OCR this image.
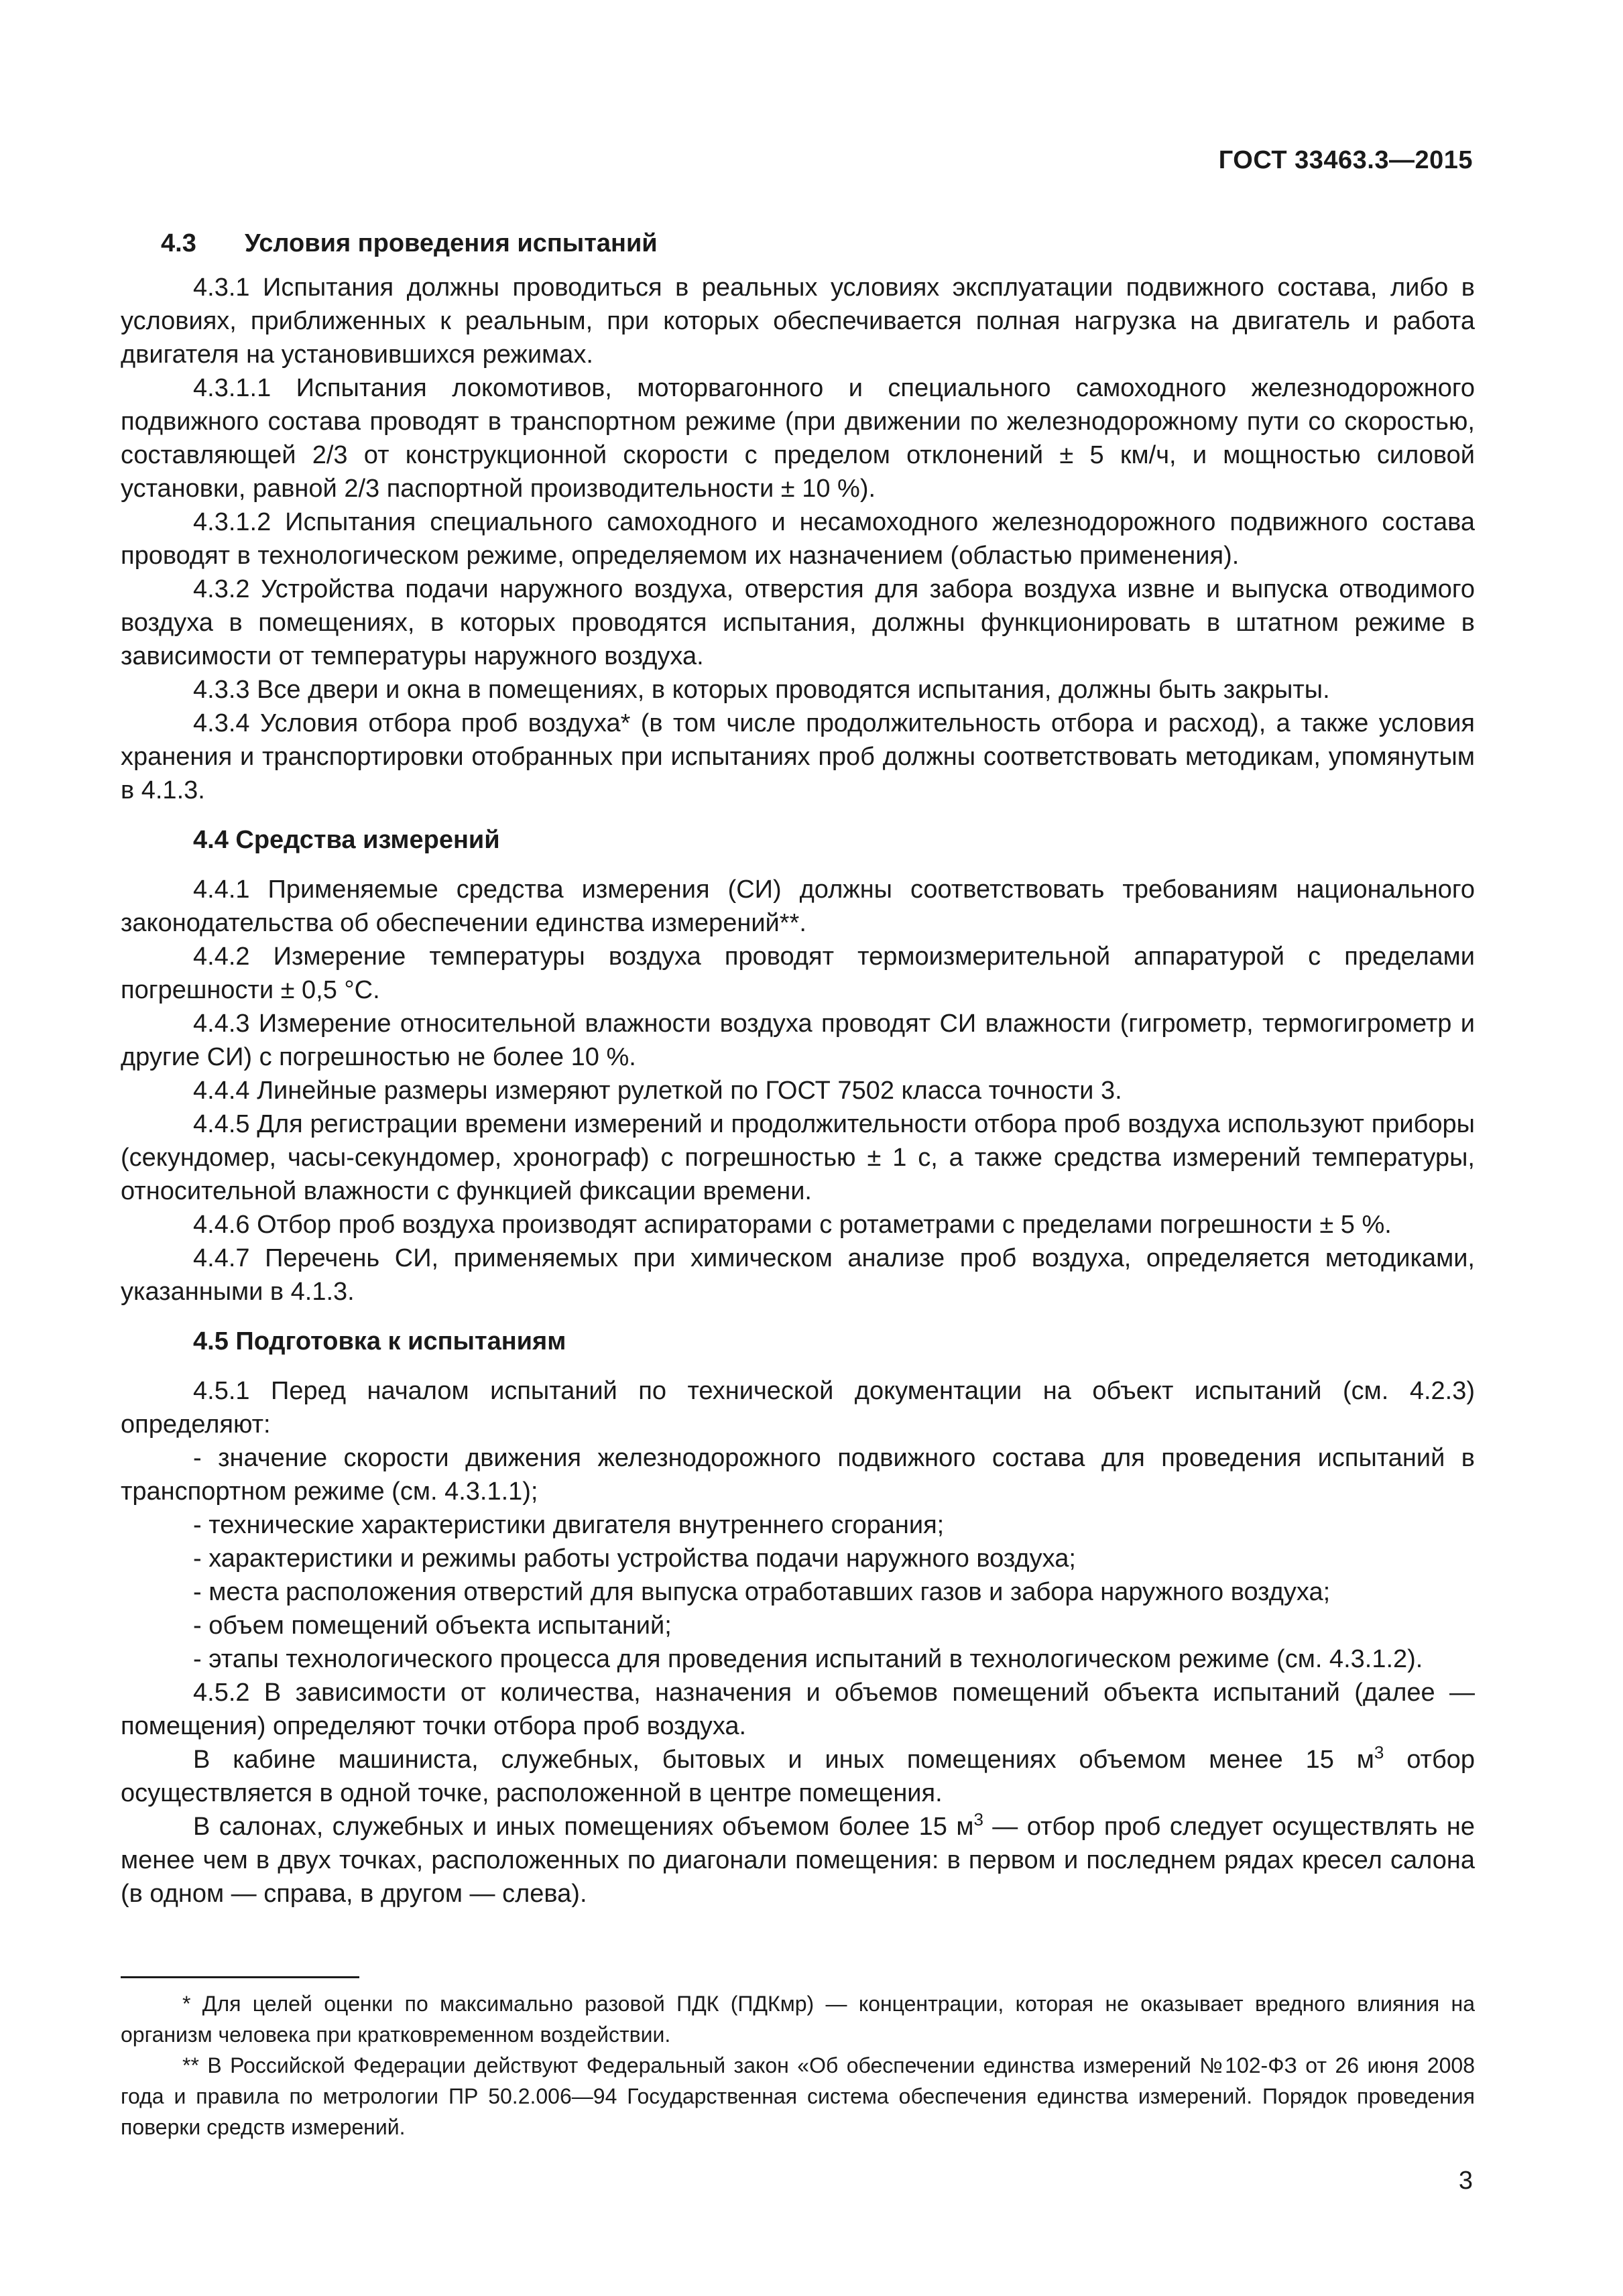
ГОСТ 33463.3—2015
4.3 Условия проведения испытаний

4.3.1 Испытания должны проводиться в реальных условиях эксплуатации подвижного состава, либо в условиях, приближенных к реальным, при которых обеспечивается полная нагрузка на двигатель и работа двигателя на установившихся режимах.

4.3.1.1 Испытания локомотивов, моторвагонного и специального самоходного железнодорожного подвижного состава проводят в транспортном режиме (при движении по железнодорожному пути со скоростью, составляющей 2/3 от конструкционной скорости с пределом отклонений ± 5 км/ч, и мощностью силовой установки, равной 2/3 паспортной производительности ± 10 %).

4.3.1.2 Испытания специального самоходного и несамоходного железнодорожного подвижного состава проводят в технологическом режиме, определяемом их назначением (областью применения).

4.3.2 Устройства подачи наружного воздуха, отверстия для забора воздуха извне и выпуска отводимого воздуха в помещениях, в которых проводятся испытания, должны функционировать в штатном режиме в зависимости от температуры наружного воздуха.

4.3.3 Все двери и окна в помещениях, в которых проводятся испытания, должны быть закрыты.

4.3.4 Условия отбора проб воздуха* (в том числе продолжительность отбора и расход), а также условия хранения и транспортировки отобранных при испытаниях проб должны соответствовать методикам, упомянутым в 4.1.3.

4.4 Средства измерений

4.4.1 Применяемые средства измерения (СИ) должны соответствовать требованиям национального законодательства об обеспечении единства измерений**.

4.4.2 Измерение температуры воздуха проводят термоизмерительной аппаратурой с пределами погрешности ± 0,5 °С.

4.4.3 Измерение относительной влажности воздуха проводят СИ влажности (гигрометр, термогигрометр и другие СИ) с погрешностью не более 10 %.

4.4.4 Линейные размеры измеряют рулеткой по ГОСТ 7502 класса точности 3.

4.4.5 Для регистрации времени измерений и продолжительности отбора проб воздуха используют приборы (секундомер, часы-секундомер, хронограф) с погрешностью ± 1 с, а также средства измерений температуры, относительной влажности с функцией фиксации времени.

4.4.6 Отбор проб воздуха производят аспираторами с ротаметрами с пределами погрешности ± 5 %.

4.4.7 Перечень СИ, применяемых при химическом анализе проб воздуха, определяется методиками, указанными в 4.1.3.

4.5 Подготовка к испытаниям

4.5.1 Перед началом испытаний по технической документации на объект испытаний (см. 4.2.3) определяют:

- значение скорости движения железнодорожного подвижного состава для проведения испытаний в транспортном режиме (см. 4.3.1.1);

- технические характеристики двигателя внутреннего сгорания;

- характеристики и режимы работы устройства подачи наружного воздуха;

- места расположения отверстий для выпуска отработавших газов и забора наружного воздуха;

- объем помещений объекта испытаний;

- этапы технологического процесса для проведения испытаний в технологическом режиме (см. 4.3.1.2).

4.5.2 В зависимости от количества, назначения и объемов помещений объекта испытаний (далее — помещения) определяют точки отбора проб воздуха.

В кабине машиниста, служебных, бытовых и иных помещениях объемом менее 15 $м^3$ отбор осуществляется в одной точке, расположенной в центре помещения.

В салонах, служебных и иных помещениях объемом более 15 $м^3$ — отбор проб следует осуществлять не менее чем в двух точках, расположенных по диагонали помещения: в первом и последнем рядах кресел салона (в одном — справа, в другом — слева).

* Для целей оценки по максимально разовой ПДК (ПДКмр) — концентрации, которая не оказывает вредного влияния на организм человека при кратковременном воздействии.

** В Российской Федерации действуют Федеральный закон «Об обеспечении единства измерений №102-ФЗ от 26 июня 2008 года и правила по метрологии ПР 50.2.006—94 Государственная система обеспечения единства измерений. Порядок проведения поверки средств измерений.

3
